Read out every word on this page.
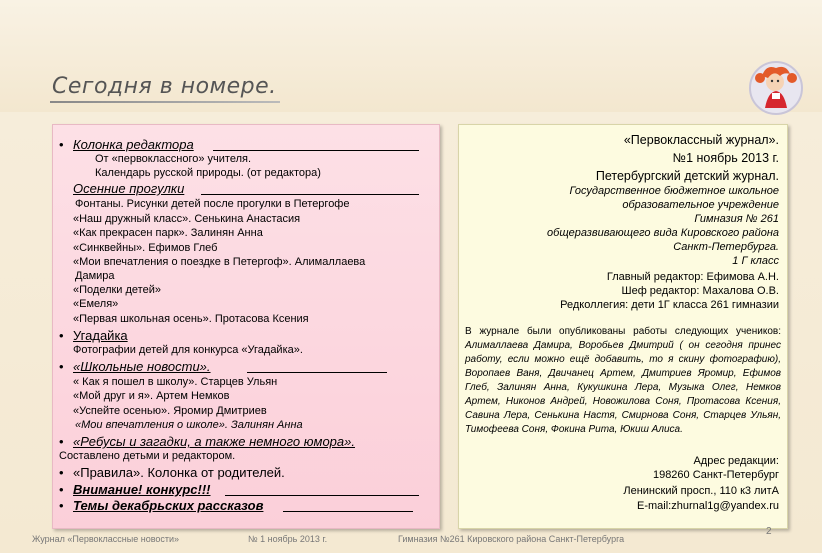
Сегодня в номере.
• Колонка редактора
От «первоклассного» учителя.
Календарь русской природы. (от редактора)
Осенние прогулки
Фонтаны. Рисунки детей после прогулки в Петергофе
«Наш дружный класс». Сенькина Анастасия
«Как прекрасен парк». Залинян Анна
«Синквейны». Ефимов Глеб
«Мои впечатления о поездке в Петергоф». Алималлаева
Дамира
«Поделки детей»
«Емеля»
«Первая школьная осень». Протасова Ксения
• Угадайка
Фотографии детей для конкурса «Угадайка».
• «Школьные новости».
« Как я пошел в школу». Старцев Ульян
«Мой друг и я». Артем Немков
«Успейте осенью». Яромир Дмитриев
«Мои впечатления о школе». Залинян Анна
• «Ребусы и загадки, а также немного юмора».
Составлено детьми и редактором.
• «Правила». Колонка от родителей.
• Внимание! конкурс!!!
• Темы декабрьских рассказов
«Первоклассный журнал».
№1 ноябрь 2013 г.
Петербургский детский журнал.
Государственное бюджетное школьное
образовательное учреждение
Гимназия № 261
общеразвивающего вида Кировского района
Санкт-Петербурга.
1 Г класс
Главный редактор: Ефимова А.Н.
Шеф редактор: Махалова О.В.
Редколлегия: дети 1Г класса 261 гимназии
В журнале были опубликованы работы следующих учеников: Алималлаева Дамира, Воробьев Дмитрий ( он сегодня принес работу, если можно ещё добавить, то я скину фотографию), Воропаев Ваня, Двичанец Артем, Дмитриев Яромир, Ефимов Глеб, Залинян Анна, Кукушкина Лера, Музыка Олег, Немков Артем, Никонов Андрей, Новожилова Соня, Протасова Ксения, Савина Лера, Сенькина Настя, Смирнова Соня, Старцев Ульян, Тимофеева Соня, Фокина Рита, Юкиш Алиса.
Адрес редакции:
198260 Санкт-Петербург
Ленинский просп., 110 к3 литА
E-mail:zhurnal1g@yandex.ru
2
Журнал «Первоклассные новости»	№ 1 ноябрь 2013 г.	Гимназия №261 Кировского района Санкт-Петербурга
